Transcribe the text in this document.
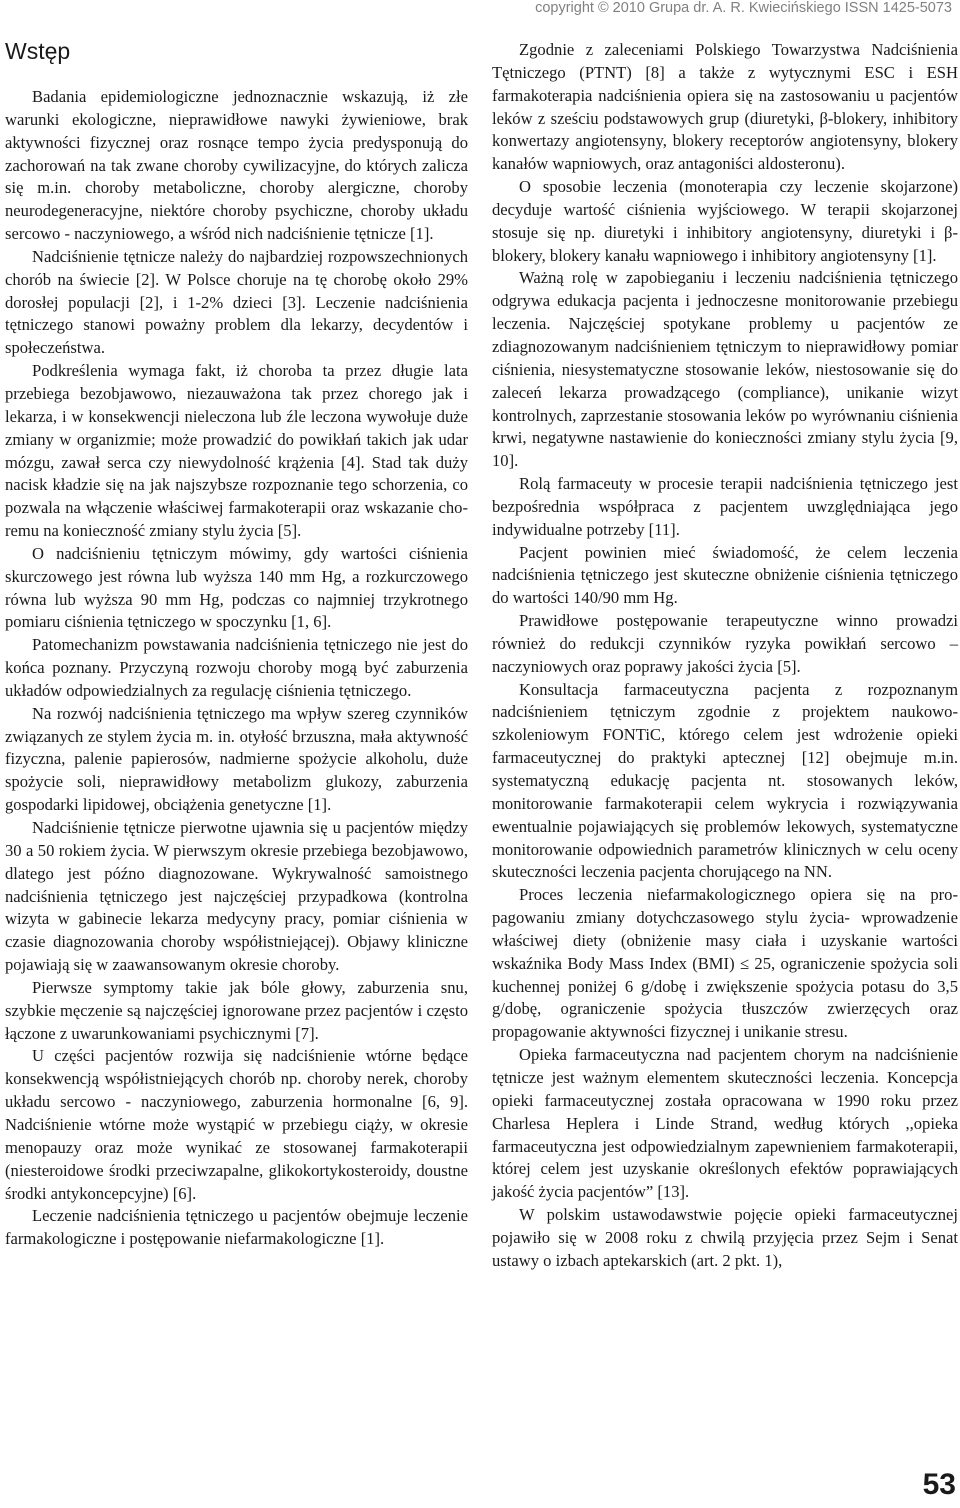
copyright © 2010 Grupa dr. A. R. Kwiecińskiego ISSN 1425-5073
Wstęp

Badania epidemiologiczne jednoznacznie wskazują, iż złe warunki ekologiczne, nieprawidłowe nawyki żywieniowe, brak aktywności fizycznej oraz rosnące tempo życia predysponują do zachorowań na tak zwane choroby cywilizacyjne, do których zalicza się m.in. choroby metaboliczne, choroby alergiczne, choroby neurodegeneracyjne, niektóre choroby psychiczne, choroby układu sercowo - naczyniowego, a wśród nich nadciśnienie tętnicze [1].

Nadciśnienie tętnicze należy do najbardziej rozpowszechnionych chorób na świecie [2]. W Polsce choruje na tę chorobę około 29% dorosłej populacji [2], i 1-2% dzieci [3]. Leczenie nadciśnienia tętniczego stanowi poważny problem dla lekarzy, decydentów i społeczeństwa.

Podkreślenia wymaga fakt, iż choroba ta przez długie lata przebiega bezobjawowo, niezauważona tak przez chorego jak i lekarza, i w konsekwencji nieleczona lub źle leczona wywołuje duże zmiany w organizmie; może prowadzić do powikłań takich jak udar mózgu, zawał serca czy niewydolność krążenia [4]. Stad tak duży nacisk kładzie się na jak najszybsze rozpoznanie tego schorzenia, co pozwala na włączenie właściwej farmakoterapii oraz wskazanie choremu na konieczność zmiany stylu życia [5].

O nadciśnieniu tętniczym mówimy, gdy wartości ciśnienia skurczowego jest równa lub wyższa 140 mm Hg, a rozkurczowego równa lub wyższa 90 mm Hg, podczas co najmniej trzykrotnego pomiaru ciśnienia tętniczego w spoczynku [1, 6].

Patomechanizm powstawania nadciśnienia tętniczego nie jest do końca poznany. Przyczyną rozwoju choroby mogą być zaburzenia układów odpowiedzialnych za regulację ciśnienia tętniczego.

Na rozwój nadciśnienia tętniczego ma wpływ szereg czynników związanych ze stylem życia m. in. otyłość brzuszna, mała aktywność fizyczna, palenie papierosów, nadmierne spożycie alkoholu, duże spożycie soli, nieprawidłowy metabolizm glukozy, zaburzenia gospodarki lipidowej, obciążenia genetyczne [1].

Nadciśnienie tętnicze pierwotne ujawnia się u pacjentów między 30 a 50 rokiem życia. W pierwszym okresie przebiega bezobjawowo, dlatego jest późno diagnozowane. Wykrywalność samoistnego nadciśnienia tętniczego jest najczęściej przypadkowa (kontrolna wizyta w gabinecie lekarza medycyny pracy, pomiar ciśnienia w czasie diagnozowania choroby współistniejącej). Objawy kliniczne pojawiają się w zaawansowanym okresie choroby.

Pierwsze symptomy takie jak bóle głowy, zaburzenia snu, szybkie męczenie są najczęściej ignorowane przez pacjentów i często łączone z uwarunkowaniami psychicznymi [7].

U części pacjentów rozwija się nadciśnienie wtórne będące konsekwencją współistniejących chorób np. choroby nerek, choroby układu sercowo - naczyniowego, zaburzenia hormonalne [6, 9]. Nadciśnienie wtórne może wystąpić w przebiegu ciąży, w okresie menopauzy oraz może wynikać ze stosowanej farmakoterapii (niesteroidowe środki przeciwzapalne, glikokortykosteroidy, doustne środki antykoncepcyjne) [6].

Leczenie nadciśnienia tętniczego u pacjentów obejmuje leczenie farmakologiczne i postępowanie niefarmakologiczne [1].

Zgodnie z zaleceniami Polskiego Towarzystwa Nadciśnienia Tętniczego (PTNT) [8] a także z wytycznymi ESC i ESH farmakoterapia nadciśnienia opiera się na zastosowaniu u pacjentów leków z sześciu podstawowych grup (diuretyki, β-blokery, inhibitory konwertazy angiotensyny, blokery receptorów angiotensyny, blokery kanałów wapniowych, oraz antagoniści aldosteronu).

O sposobie leczenia (monoterapia czy leczenie skojarzone) decyduje wartość ciśnienia wyjściowego. W terapii skojarzonej stosuje się np. diuretyki i inhibitory angiotensyny, diuretyki i β-blokery, blokery kanału wapniowego i inhibitory angiotensyny [1].

Ważną rolę w zapobieganiu i leczeniu nadciśnienia tętniczego odgrywa edukacja pacjenta i jednoczesne monitorowanie przebiegu leczenia. Najczęściej spotykane problemy u pacjentów ze zdiagnozowanym nadciśnieniem tętniczym to nieprawidłowy pomiar ciśnienia, niesystematyczne stosowanie leków, niestosowanie się do zaleceń lekarza prowadzącego (compliance), unikanie wizyt kontrolnych, zaprzestanie stosowania leków po wyrównaniu ciśnienia krwi, negatywne nastawienie do konieczności zmiany stylu życia [9, 10].

Rolą farmaceuty w procesie terapii nadciśnienia tętniczego jest bezpośrednia współpraca z pacjentem uwzględniająca jego indywidualne potrzeby [11].

Pacjent powinien mieć świadomość, że celem leczenia nadciśnienia tętniczego jest skuteczne obniżenie ciśnienia tętniczego do wartości 140/90 mm Hg.

Prawidłowe postępowanie terapeutyczne winno prowadzi również do redukcji czynników ryzyka powikłań sercowo – naczyniowych oraz poprawy jakości życia [5].

Konsultacja farmaceutyczna pacjenta z rozpoznanym nadciśnieniem tętniczym zgodnie z projektem naukowo-szkoleniowym FONTiC, którego celem jest wdrożenie opieki farmaceutycznej do praktyki aptecznej [12] obejmuje m.in. systematyczną edukację pacjenta nt. stosowanych leków, monitorowanie farmakoterapii celem wykrycia i rozwiązywania ewentualnie pojawiających się problemów lekowych, systematyczne monitorowanie odpowiednich parametrów klinicznych w celu oceny skuteczności leczenia pacjenta chorującego na NN.

Proces leczenia niefarmakologicznego opiera się na propagowaniu zmiany dotychczasowego stylu życia- wprowadzenie właściwej diety (obniżenie masy ciała i uzyskanie wartości wskaźnika Body Mass Index (BMI) ≤ 25, ograniczenie spożycia soli kuchennej poniżej 6 g/dobę i zwiększenie spożycia potasu do 3,5 g/dobę, ograniczenie spożycia tłuszczów zwierzęcych oraz propagowanie aktywności fizycznej i unikanie stresu.

Opieka farmaceutyczna nad pacjentem chorym na nadciśnienie tętnicze jest ważnym elementem skuteczności leczenia. Koncepcja opieki farmaceutycznej została opracowana w 1990 roku przez Charlesa Heplera i Linde Strand, według których ,,opieka farmaceutyczna jest odpowiedzialnym zapewnieniem farmakoterapii, której celem jest uzyskanie określonych efektów poprawiających jakość życia pacjentów” [13].

W polskim ustawodawstwie pojęcie opieki farmaceutycznej pojawiło się w 2008 roku z chwilą przyjęcia przez Sejm i Senat ustawy o izbach aptekarskich (art. 2 pkt. 1),

53
